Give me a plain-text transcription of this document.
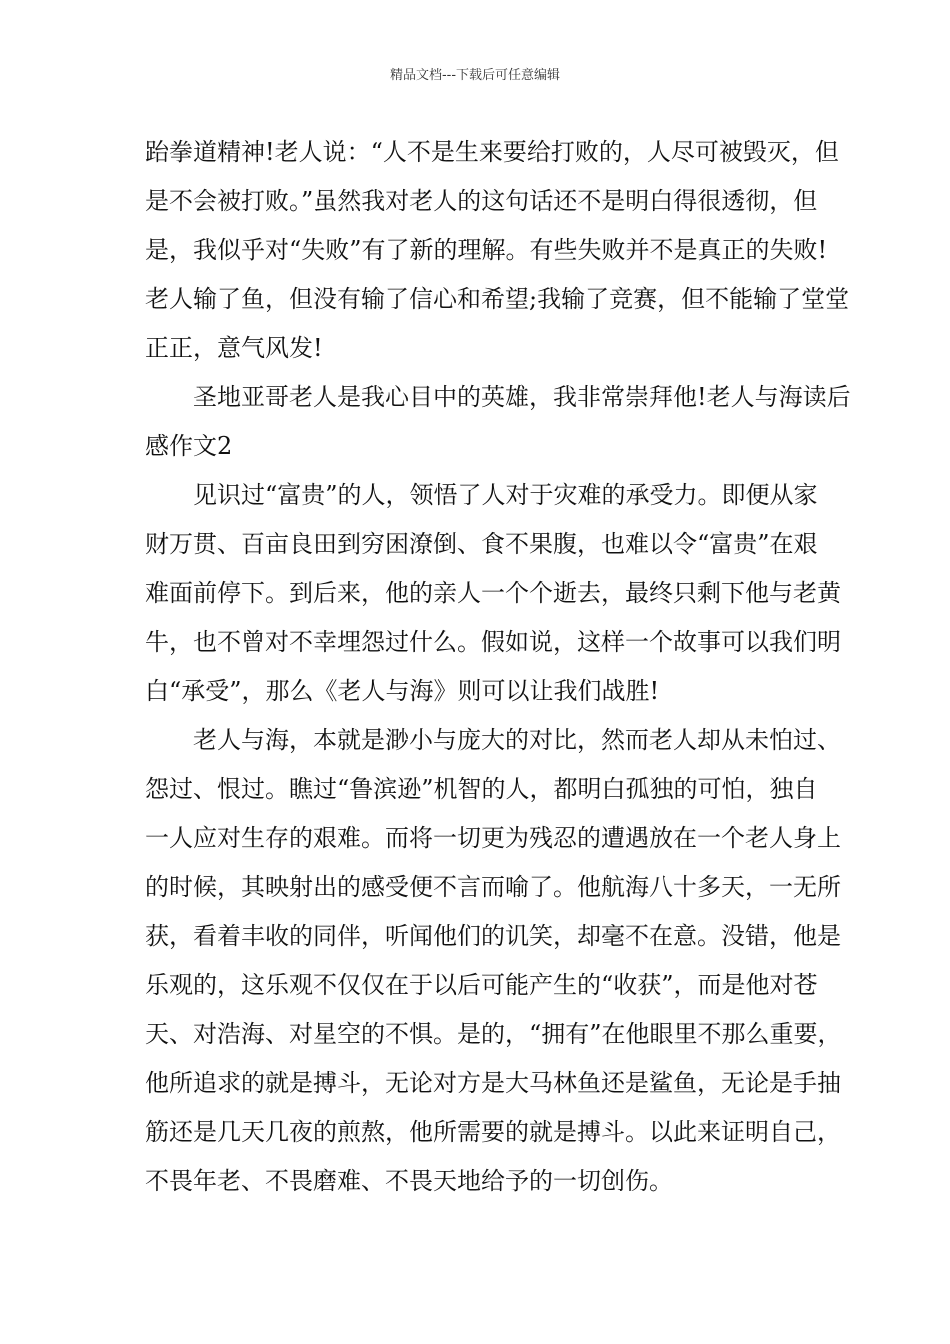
精品文档---下载后可任意编辑
跆拳道精神!老人说：“人不是生来要给打败的，人尽可被毁灭，但
是不会被打败。”虽然我对老人的这句话还不是明白得很透彻，但
是，我似乎对“失败”有了新的理解。有些失败并不是真正的失败!
老人输了鱼，但没有输了信心和希望;我输了竞赛，但不能输了堂堂
正正，意气风发!
圣地亚哥老人是我心目中的英雄，我非常崇拜他!老人与海读后
感作文2
见识过“富贵”的人，领悟了人对于灾难的承受力。即便从家
财万贯、百亩良田到穷困潦倒、食不果腹，也难以令“富贵”在艰
难面前停下。到后来，他的亲人一个个逝去，最终只剩下他与老黄
牛，也不曾对不幸埋怨过什么。假如说，这样一个故事可以我们明
白“承受”，那么《老人与海》则可以让我们战胜!
老人与海，本就是渺小与庞大的对比，然而老人却从未怕过、
怨过、恨过。瞧过“鲁滨逊”机智的人，都明白孤独的可怕，独自
一人应对生存的艰难。而将一切更为残忍的遭遇放在一个老人身上
的时候，其映射出的感受便不言而喻了。他航海八十多天，一无所
获，看着丰收的同伴，听闻他们的讥笑，却毫不在意。没错，他是
乐观的，这乐观不仅仅在于以后可能产生的“收获”，而是他对苍
天、对浩海、对星空的不惧。是的，“拥有”在他眼里不那么重要，
他所追求的就是搏斗，无论对方是大马林鱼还是鲨鱼，无论是手抽
筋还是几天几夜的煎熬，他所需要的就是搏斗。以此来证明自己，
不畏年老、不畏磨难、不畏天地给予的一切创伤。
